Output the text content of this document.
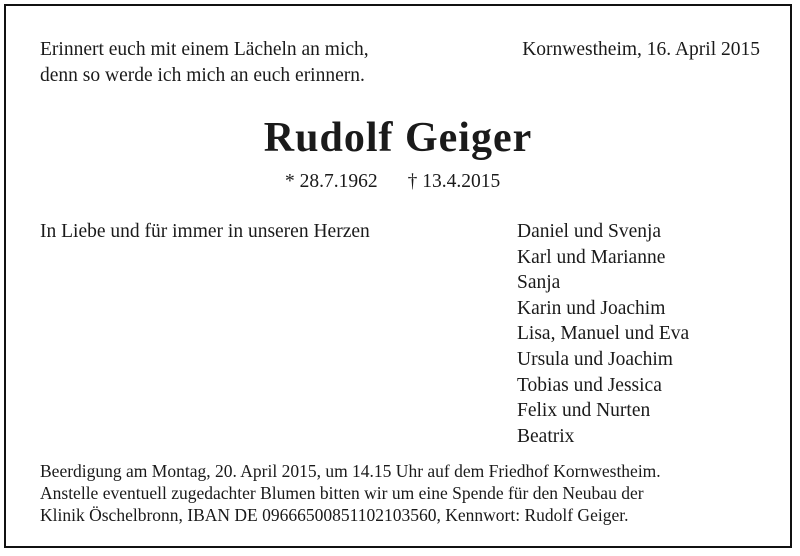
Erinnert euch mit einem Lächeln an mich,
denn so werde ich mich an euch erinnern.
Kornwestheim, 16. April 2015
Rudolf Geiger
* 28.7.1962 † 13.4.2015
In Liebe und für immer in unseren Herzen	Daniel und Svenja
Karl und Marianne
Sanja
Karin und Joachim
Lisa, Manuel und Eva
Ursula und Joachim
Tobias und Jessica
Felix und Nurten
Beatrix
Beerdigung am Montag, 20. April 2015, um 14.15 Uhr auf dem Friedhof Kornwestheim.
Anstelle eventuell zugedachter Blumen bitten wir um eine Spende für den Neubau der
Klinik Öschelbronn, IBAN DE 09666500851102103560, Kennwort: Rudolf Geiger.
